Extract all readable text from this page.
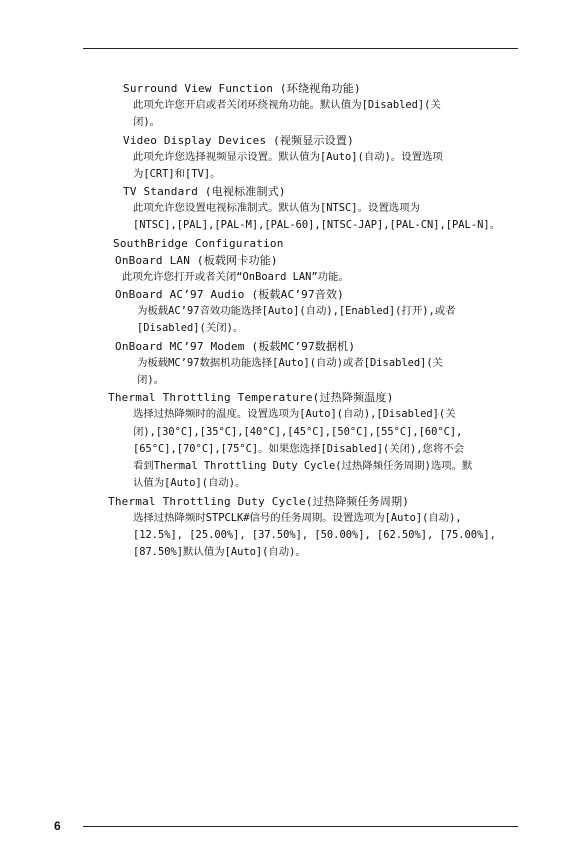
Surround View Function (环绕视角功能)
此项允许您开启或者关闭环绕视角功能。默认值为[Disabled](关
闭)。
Video Display Devices (视频显示设置)
此项允许您选择视频显示设置。默认值为[Auto](自动)。设置选项
为[CRT]和[TV]。
TV Standard (电视标准制式)
此项允许您设置电视标准制式。默认值为[NTSC]。设置选项为
[NTSC],[PAL],[PAL-M],[PAL-60],[NTSC-JAP],[PAL-CN],[PAL-N]。
SouthBridge Configuration
OnBoard LAN (板载网卡功能)
此项允许您打开或者关闭“OnBoard LAN”功能。
OnBoard AC’97 Audio (板载AC’97音效)
为板载AC’97音效功能选择[Auto](自动),[Enabled](打开),或者
[Disabled](关闭)。
OnBoard MC’97 Modem (板载MC’97数据机)
为板载MC’97数据机功能选择[Auto](自动)或者[Disabled](关
闭)。
Thermal Throttling Temperature(过热降频温度)
选择过热降频时的温度。设置选项为[Auto](自动),[Disabled](关
闭),[30°C],[35°C],[40°C],[45°C],[50°C],[55°C],[60°C],
[65°C],[70°C],[75°C]。如果您选择[Disabled](关闭),您将不会
看到Thermal Throttling Duty Cycle(过热降频任务周期)选项。默
认值为[Auto](自动)。
Thermal Throttling Duty Cycle(过热降频任务周期)
选择过热降频时STPCLK#信号的任务周期。设置选项为[Auto](自动),
[12.5%], [25.00%], [37.50%], [50.00%], [62.50%], [75.00%],
[87.50%]默认值为[Auto](自动)。
6
